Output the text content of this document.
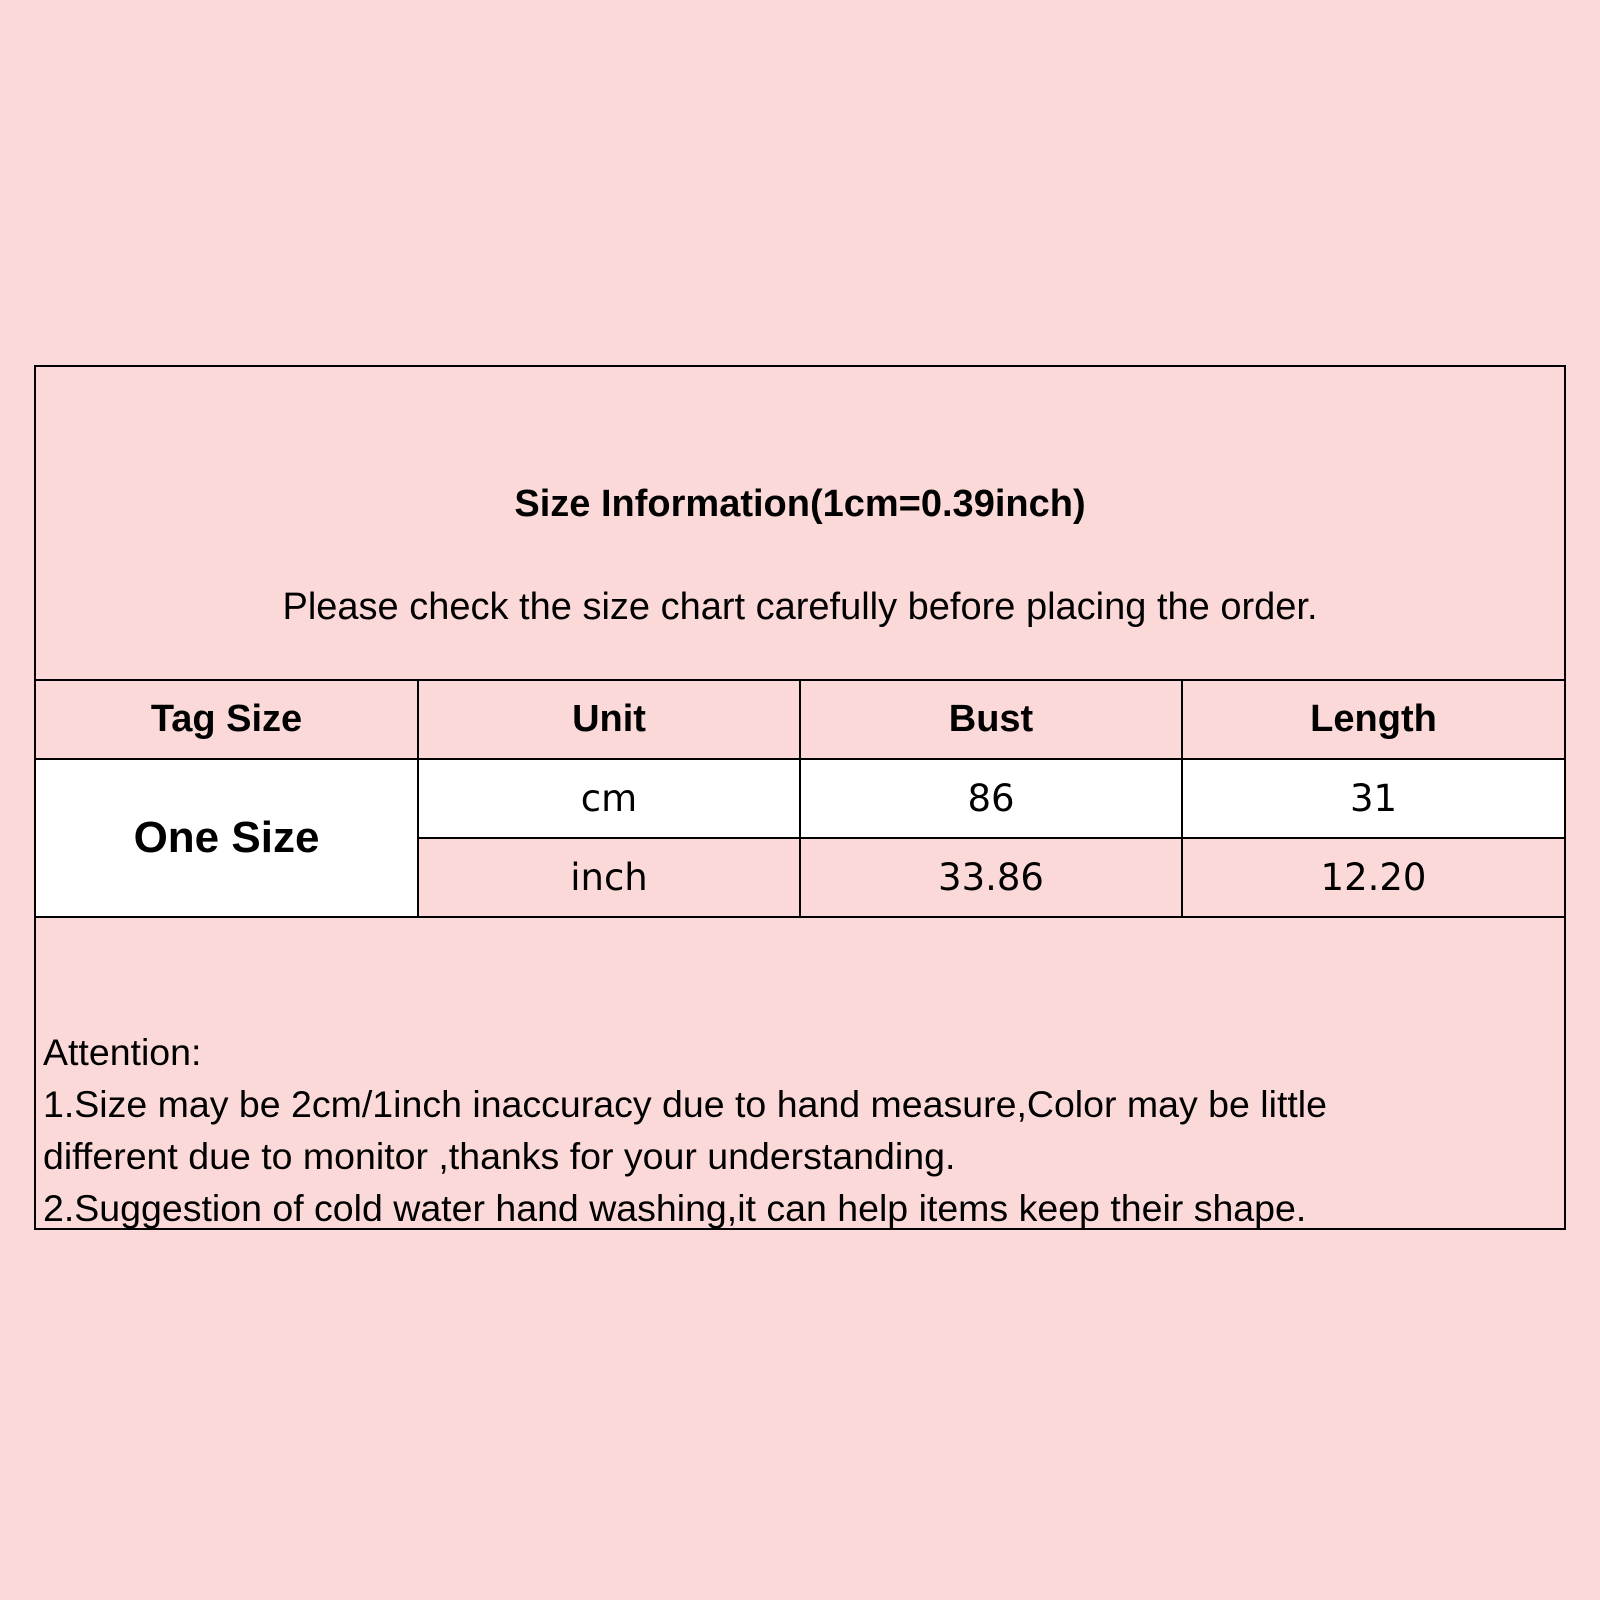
Size Information(1cm=0.39inch)
Please check the size chart carefully before placing the order.
Tag Size	Unit	Bust	Length
One Size	cm	86	31
	inch	33.86	12.20
Attention:
1.Size may be 2cm/1inch inaccuracy due to hand measure,Color may be little
different due to monitor ,thanks for your understanding.
2.Suggestion of cold water hand washing,it can help items keep their shape.
